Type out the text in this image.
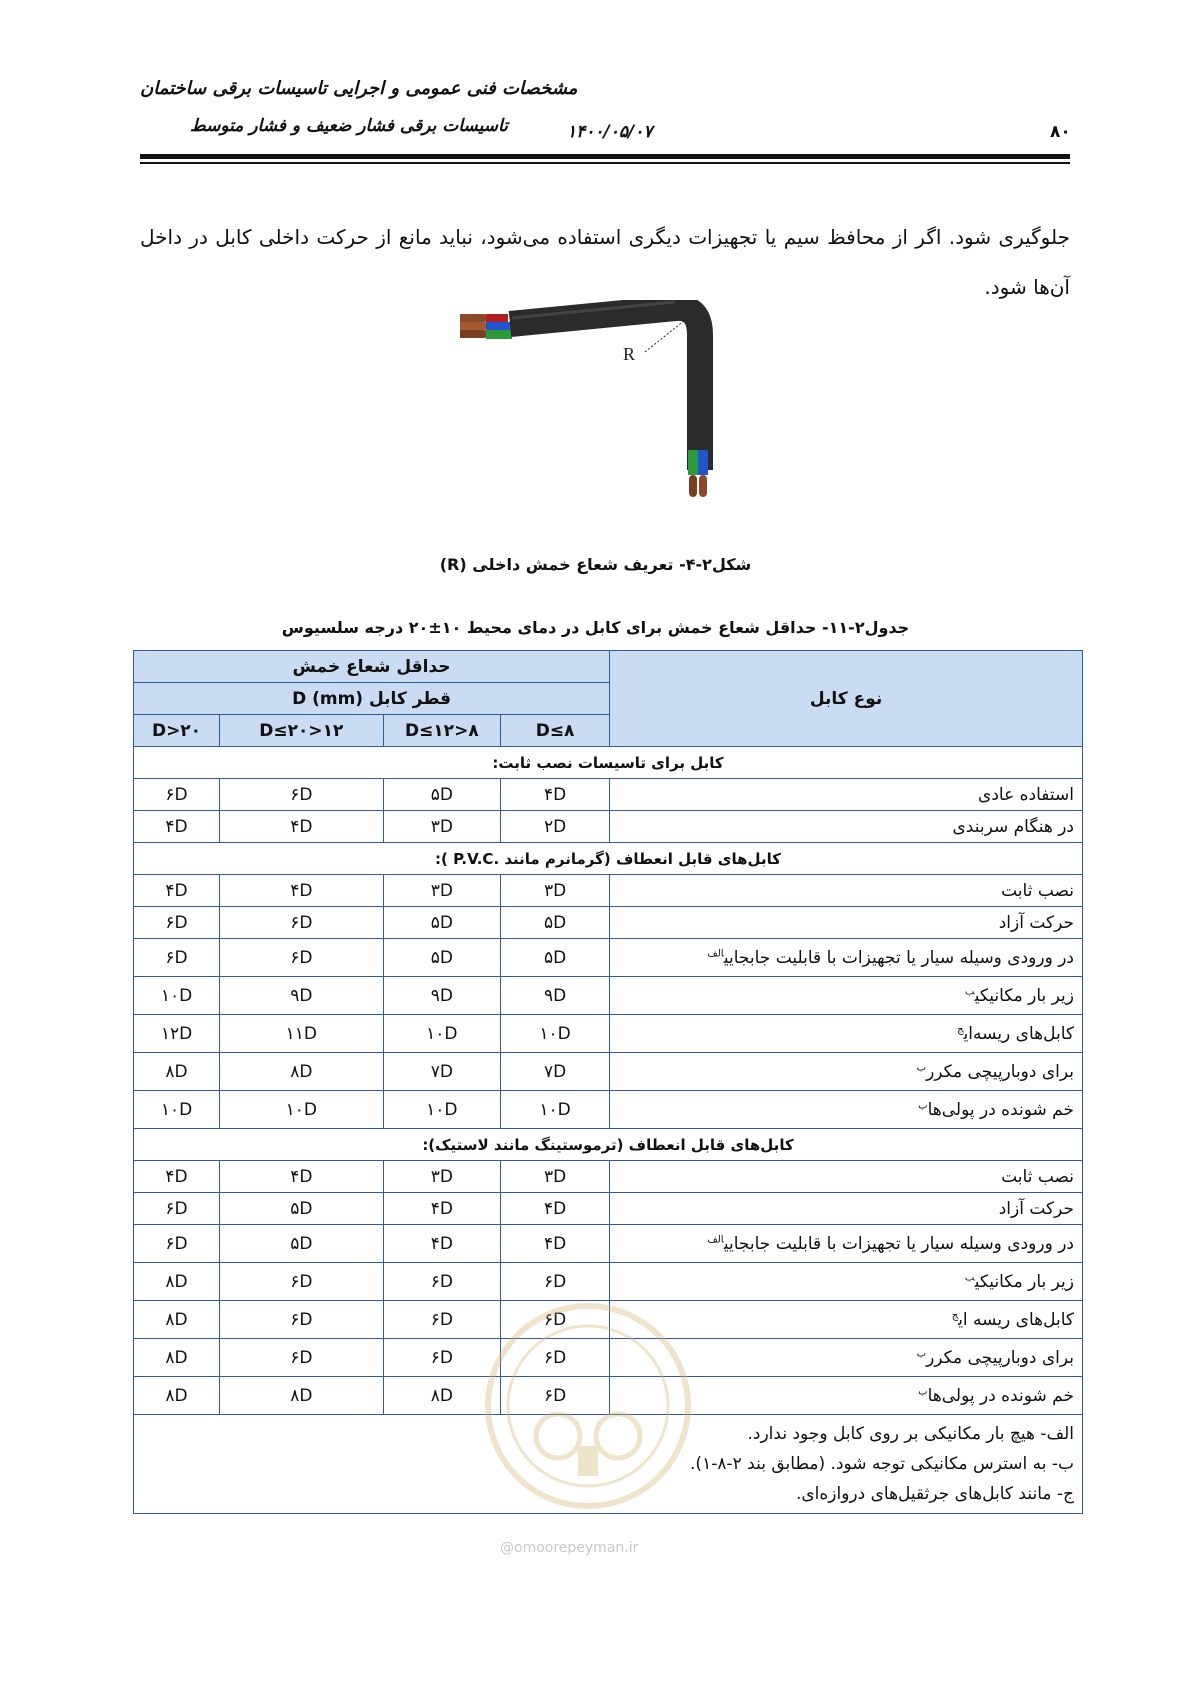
مشخصات فنی عمومی و اجرایی تاسیسات برقی ساختمان
تاسیسات برقی فشار ضعیف و فشار متوسط	۱۴۰۰/۰۵/۰۷	۸۰
جلوگیری شود. اگر از محافظ سیم یا تجهیزات دیگری استفاده می‌شود، نباید مانع از حرکت داخلی کابل در داخل آن‌ها شود.
R
شکل۲-۴- تعریف شعاع خمش داخلی (R)
جدول۲-۱۱- حداقل شعاع خمش برای کابل در دمای محیط ۱۰±۲۰ درجه سلسیوس
نوع کابل	حداقل شعاع خمش			
	قطر کابل D (mm)			
	D≤۸	۸<D≤۱۲	۱۲<D≤۲۰	D>۲۰
کابل برای تاسیسات نصب ثابت:				
استفاده عادی	۴D	۵D	۶D	۶D
در هنگام سربندی	۲D	۳D	۴D	۴D
کابل‌های قابل انعطاف (گرمانرم مانند .P.V.C ):				
نصب ثابت	۳D	۳D	۴D	۴D
حرکت آزاد	۵D	۵D	۶D	۶D
در ورودی وسیله سیار یا تجهیزات با قابلیت جابجایی$^{الف}$	۵D	۵D	۶D	۶D
زیر بار مکانیکی$^ب$	۹D	۹D	۹D	۱۰D
کابل‌های ریسه‌ای$^ج$	۱۰D	۱۰D	۱۱D	۱۲D
برای دوبارپیچی مکرر$^ب$	۷D	۷D	۸D	۸D
خم شونده در پولی‌ها$^ب$	۱۰D	۱۰D	۱۰D	۱۰D
کابل‌های قابل انعطاف (ترموستینگ مانند لاستیک):				
نصب ثابت	۳D	۳D	۴D	۴D
حرکت آزاد	۴D	۴D	۵D	۶D
در ورودی وسیله سیار یا تجهیزات با قابلیت جابجایی$^{الف}$	۴D	۴D	۵D	۶D
زیر بار مکانیکی$^ب$	۶D	۶D	۶D	۸D
کابل‌های ریسه ای$^ج$	۶D	۶D	۶D	۸D
برای دوبارپیچی مکرر$^ب$	۶D	۶D	۶D	۸D
خم شونده در پولی‌ها$^ب$	۶D	۸D	۸D	۸D

الف- هیچ بار مکانیکی بر روی کابل وجود ندارد.
ب- به استرس مکانیکی توجه شود. (مطابق بند ۲-۸-۱).
ج- مانند کابل‌های جرثقیل‌های دروازه‌ای.				
@omoorepeyman.ir
